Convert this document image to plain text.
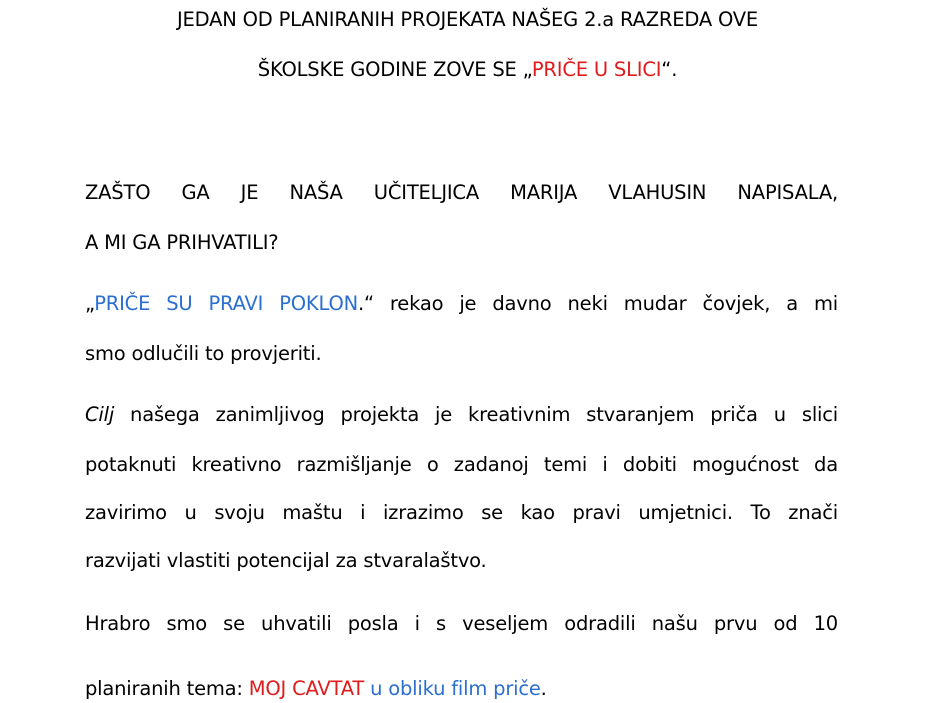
JEDAN OD PLANIRANIH PROJEKATA NAŠEG 2.a RAZREDA OVE
ŠKOLSKE GODINE ZOVE SE „PRIČE U SLICI“.
ZAŠTO GA JE NAŠA UČITELJICA MARIJA VLAHUSIN NAPISALA,
A MI GA PRIHVATILI?
„PRIČE SU PRAVI POKLON.“ rekao je davno neki mudar čovjek, a mi
smo odlučili to provjeriti.
Cilj našega zanimljivog projekta je kreativnim stvaranjem priča u slici
potaknuti kreativno razmišljanje o zadanoj temi i dobiti mogućnost da
zavirimo u svoju maštu i izrazimo se kao pravi umjetnici. To znači
razvijati vlastiti potencijal za stvaralaštvo.
Hrabro smo se uhvatili posla i s veseljem odradili našu prvu od 10
planiranih tema: MOJ CAVTAT u obliku film priče.
